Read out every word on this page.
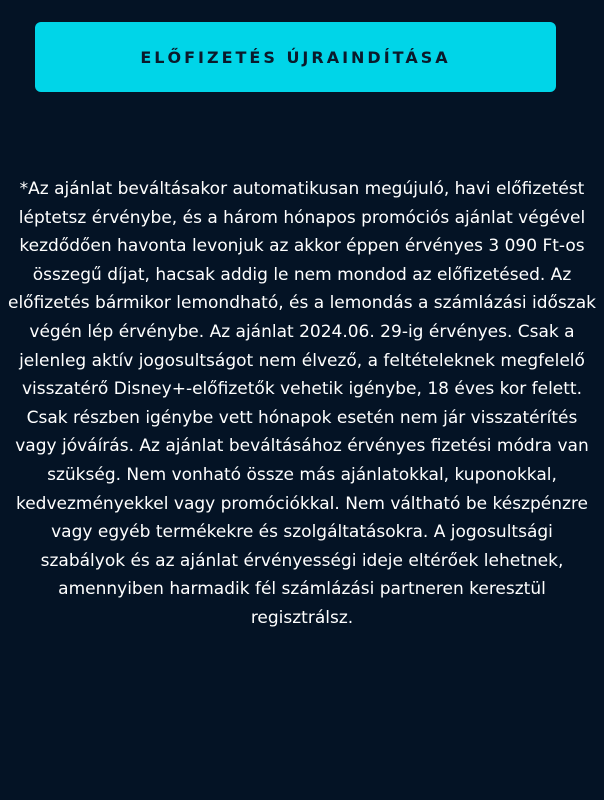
ELŐFIZETÉS ÚJRAINDÍTÁSA

*Az ajánlat beváltásakor automatikusan megújuló, havi előfizetést léptetsz érvénybe, és a három hónapos promóciós ajánlat végével kezdődően havonta levonjuk az akkor éppen érvényes 3 090 Ft-os összegű díjat, hacsak addig le nem mondod az előfizetésed. Az előfizetés bármikor lemondható, és a lemondás a számlázási időszak végén lép érvénybe. Az ajánlat 2024.06. 29-ig érvényes. Csak a jelenleg aktív jogosultságot nem élvező, a feltételeknek megfelelő visszatérő Disney+-előfizetők vehetik igénybe, 18 éves kor felett. Csak részben igénybe vett hónapok esetén nem jár visszatérítés vagy jóváírás. Az ajánlat beváltásához érvényes fizetési módra van szükség. Nem vonható össze más ajánlatokkal, kuponokkal, kedvezményekkel vagy promóciókkal. Nem váltható be készpénzre vagy egyéb termékekre és szolgáltatásokra. A jogosultsági szabályok és az ajánlat érvényességi ideje eltérőek lehetnek, amennyiben harmadik fél számlázási partneren keresztül regisztrálsz.
